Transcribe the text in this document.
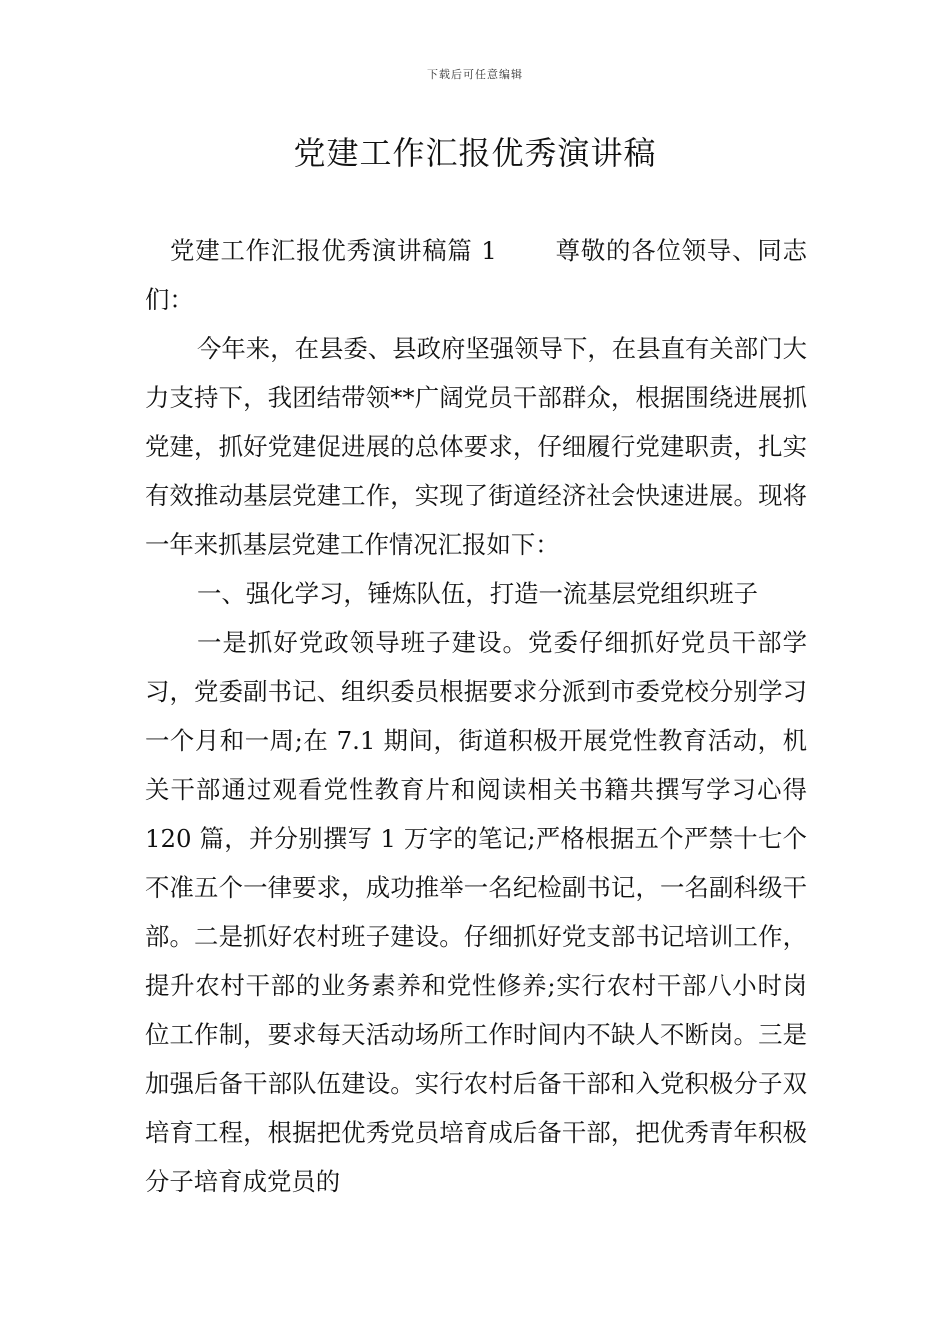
下载后可任意编辑
党建工作汇报优秀演讲稿

党建工作汇报优秀演讲稿篇 1 尊敬的各位领导、同志们：

今年来，在县委、县政府坚强领导下，在县直有关部门大力支持下，我团结带领**广阔党员干部群众，根据围绕进展抓党建，抓好党建促进展的总体要求，仔细履行党建职责，扎实有效推动基层党建工作，实现了街道经济社会快速进展。现将一年来抓基层党建工作情况汇报如下：

一、强化学习，锤炼队伍，打造一流基层党组织班子

一是抓好党政领导班子建设。党委仔细抓好党员干部学习，党委副书记、组织委员根据要求分派到市委党校分别学习一个月和一周;在 7.1 期间，街道积极开展党性教育活动，机关干部通过观看党性教育片和阅读相关书籍共撰写学习心得 120 篇，并分别撰写 1 万字的笔记;严格根据五个严禁十七个不准五个一律要求，成功推举一名纪检副书记，一名副科级干部。二是抓好农村班子建设。仔细抓好党支部书记培训工作，提升农村干部的业务素养和党性修养;实行农村干部八小时岗位工作制，要求每天活动场所工作时间内不缺人不断岗。三是加强后备干部队伍建设。实行农村后备干部和入党积极分子双培育工程，根据把优秀党员培育成后备干部，把优秀青年积极分子培育成党员的
